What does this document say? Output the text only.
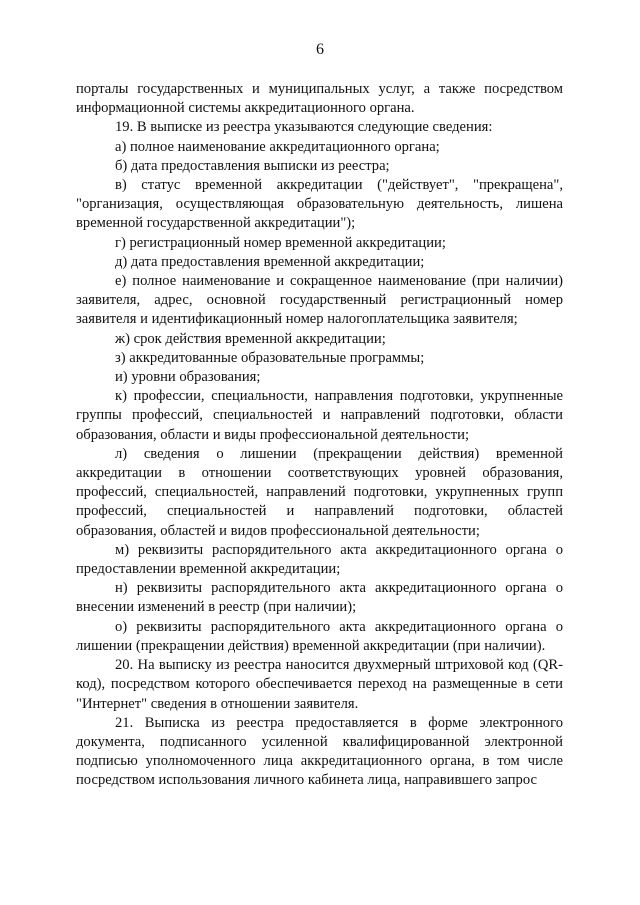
6

порталы государственных и муниципальных услуг, а также посредством информационной системы аккредитационного органа.

19. В выписке из реестра указываются следующие сведения:

а) полное наименование аккредитационного органа;

б) дата предоставления выписки из реестра;

в) статус временной аккредитации ("действует", "прекращена", "организация, осуществляющая образовательную деятельность, лишена временной государственной аккредитации");

г) регистрационный номер временной аккредитации;

д) дата предоставления временной аккредитации;

е) полное наименование и сокращенное наименование (при наличии) заявителя, адрес, основной государственный регистрационный номер заявителя и идентификационный номер налогоплательщика заявителя;

ж) срок действия временной аккредитации;

з) аккредитованные образовательные программы;

и) уровни образования;

к) профессии, специальности, направления подготовки, укрупненные группы профессий, специальностей и направлений подготовки, области образования, области и виды профессиональной деятельности;

л) сведения о лишении (прекращении действия) временной аккредитации в отношении соответствующих уровней образования, профессий, специальностей, направлений подготовки, укрупненных групп профессий, специальностей и направлений подготовки, областей образования, областей и видов профессиональной деятельности;

м) реквизиты распорядительного акта аккредитационного органа о предоставлении временной аккредитации;

н) реквизиты распорядительного акта аккредитационного органа о внесении изменений в реестр (при наличии);

о) реквизиты распорядительного акта аккредитационного органа о лишении (прекращении действия) временной аккредитации (при наличии).

20. На выписку из реестра наносится двухмерный штриховой код (QR-код), посредством которого обеспечивается переход на размещенные в сети "Интернет" сведения в отношении заявителя.

21. Выписка из реестра предоставляется в форме электронного документа, подписанного усиленной квалифицированной электронной подписью уполномоченного лица аккредитационного органа, в том числе посредством использования личного кабинета лица, направившего запрос
